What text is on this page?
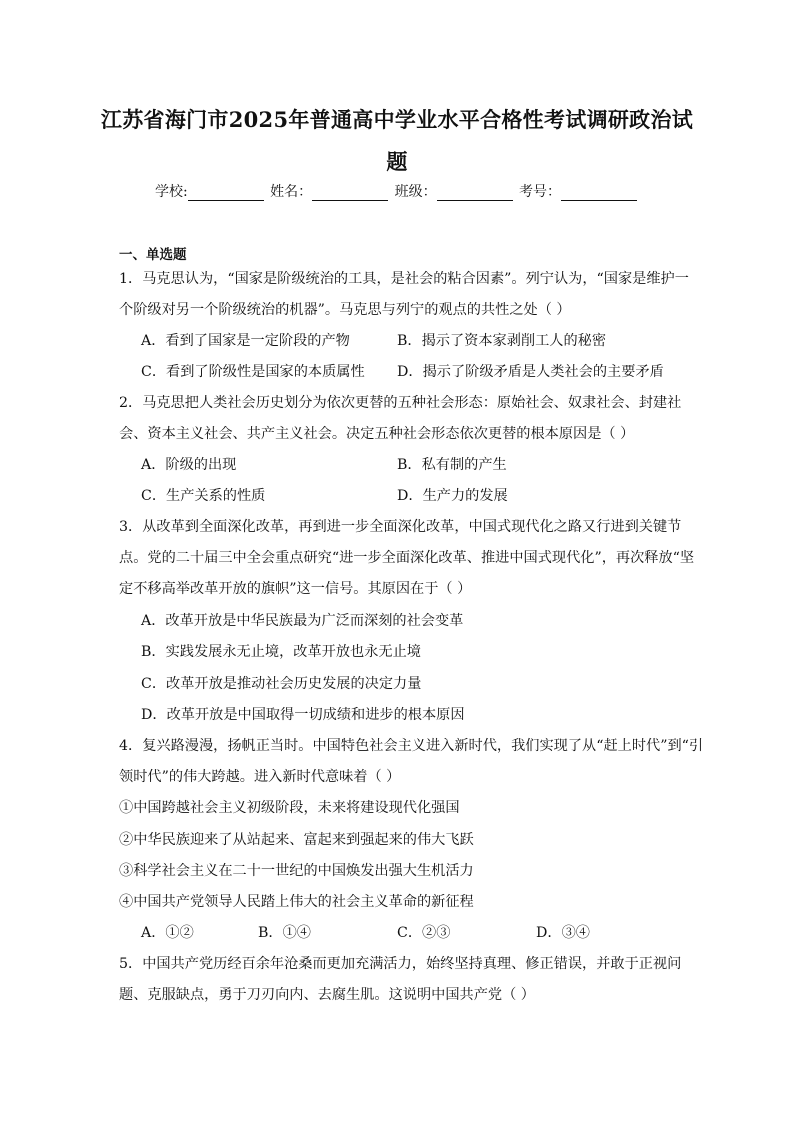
江苏省海门市2025年普通高中学业水平合格性考试调研政治试
题
学校:	姓名：	班级：	考号：
一、单选题
1．马克思认为，“国家是阶级统治的工具，是社会的粘合因素”。列宁认为，“国家是维护一
个阶级对另一个阶级统治的机器”。马克思与列宁的观点的共性之处（ ）
A．看到了国家是一定阶段的产物	B．揭示了资本家剥削工人的秘密
C．看到了阶级性是国家的本质属性 D．揭示了阶级矛盾是人类社会的主要矛盾
2．马克思把人类社会历史划分为依次更替的五种社会形态：原始社会、奴隶社会、封建社
会、资本主义社会、共产主义社会。决定五种社会形态依次更替的根本原因是（ ）
A．阶级的出现	B．私有制的产生
C．生产关系的性质	D．生产力的发展
3．从改革到全面深化改革，再到进一步全面深化改革，中国式现代化之路又行进到关键节
点。党的二十届三中全会重点研究“进一步全面深化改革、推进中国式现代化”，再次释放“坚
定不移高举改革开放的旗帜”这一信号。其原因在于（ ）
A．改革开放是中华民族最为广泛而深刻的社会变革
B．实践发展永无止境，改革开放也永无止境
C．改革开放是推动社会历史发展的决定力量
D．改革开放是中国取得一切成绩和进步的根本原因
4．复兴路漫漫，扬帆正当时。中国特色社会主义进入新时代，我们实现了从“赶上时代”到“引
领时代”的伟大跨越。进入新时代意味着（ ）
①中国跨越社会主义初级阶段，未来将建设现代化强国
②中华民族迎来了从站起来、富起来到强起来的伟大飞跃
③科学社会主义在二十一世纪的中国焕发出强大生机活力
④中国共产党领导人民踏上伟大的社会主义革命的新征程
A．①②	B．①④	C．②③	D．③④
5．中国共产党历经百余年沧桑而更加充满活力，始终坚持真理、修正错误，并敢于正视问
题、克服缺点，勇于刀刃向内、去腐生肌。这说明中国共产党（ ）
